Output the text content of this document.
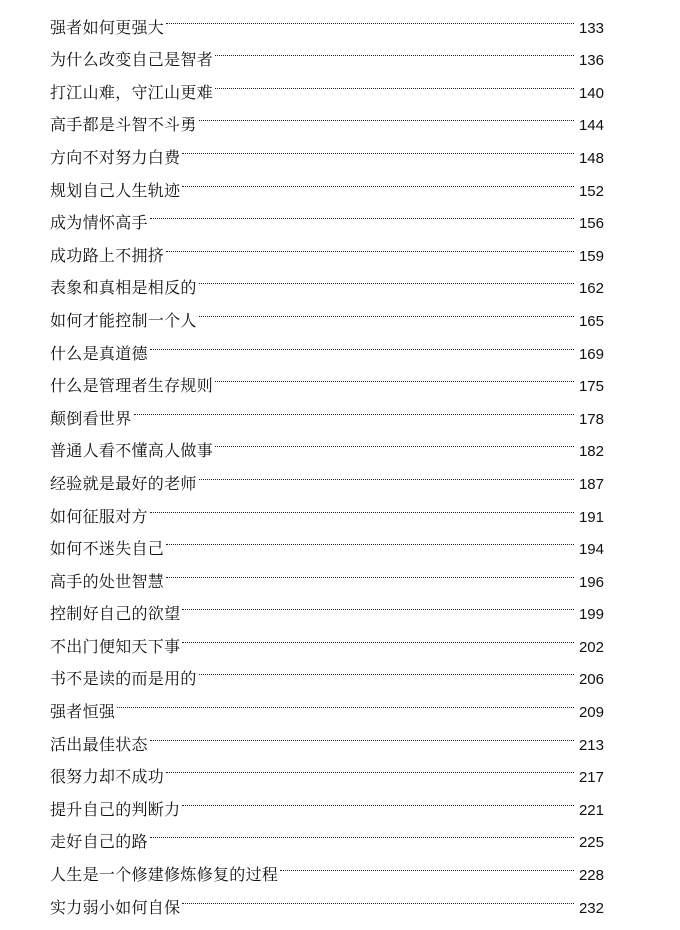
强者如何更强大	133
为什么改变自己是智者	136
打江山难，守江山更难	140
高手都是斗智不斗勇	144
方向不对努力白费	148
规划自己人生轨迹	152
成为情怀高手	156
成功路上不拥挤	159
表象和真相是相反的	162
如何才能控制一个人	165
什么是真道德	169
什么是管理者生存规则	175
颠倒看世界	178
普通人看不懂高人做事	182
经验就是最好的老师	187
如何征服对方	191
如何不迷失自己	194
高手的处世智慧	196
控制好自己的欲望	199
不出门便知天下事	202
书不是读的而是用的	206
强者恒强	209
活出最佳状态	213
很努力却不成功	217
提升自己的判断力	221
走好自己的路	225
人生是一个修建修炼修复的过程	228
实力弱小如何自保	232
